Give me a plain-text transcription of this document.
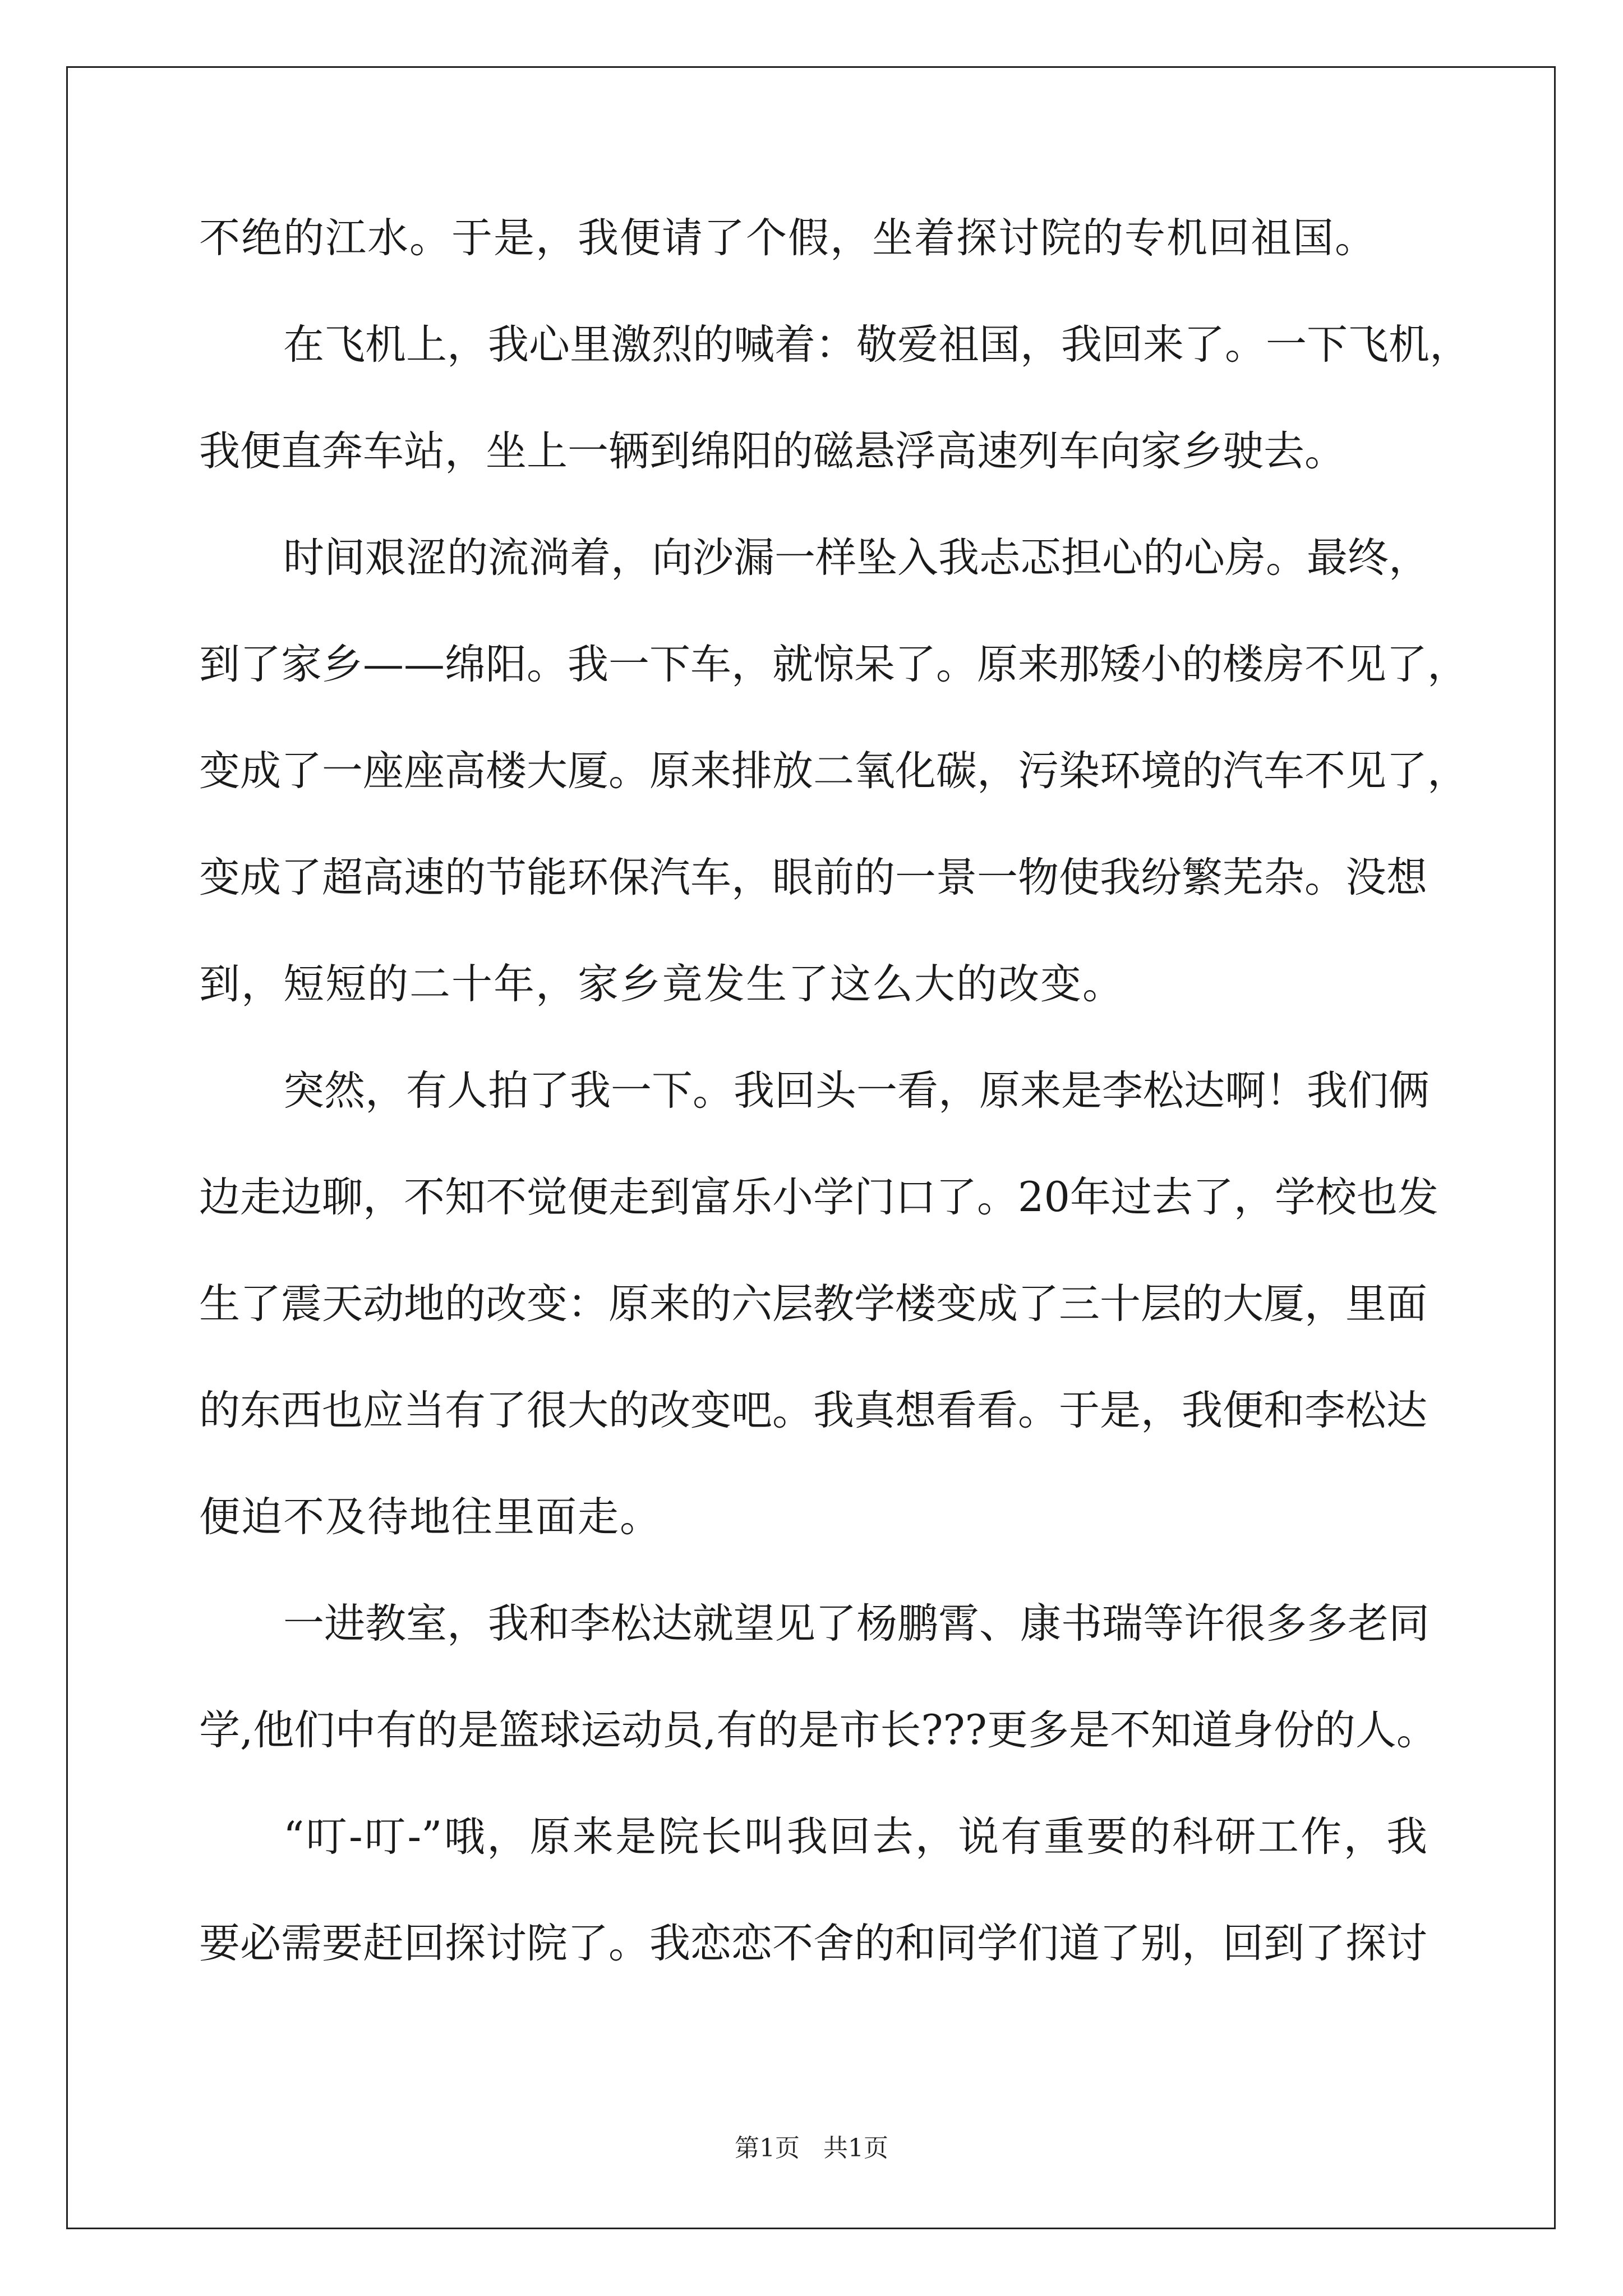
不绝的江水。于是，我便请了个假，坐着探讨院的专机回祖国。
在飞机上，我心里激烈的喊着：敬爱祖国，我回来了。一下飞机，
我便直奔车站，坐上一辆到绵阳的磁悬浮高速列车向家乡驶去。
时间艰涩的流淌着，向沙漏一样坠入我忐忑担心的心房。最终，
到了家乡——绵阳。我一下车，就惊呆了。原来那矮小的楼房不见了，
变成了一座座高楼大厦。原来排放二氧化碳，污染环境的汽车不见了，
变成了超高速的节能环保汽车，眼前的一景一物使我纷繁芜杂。没想
到，短短的二十年，家乡竟发生了这么大的改变。
突然，有人拍了我一下。我回头一看，原来是李松达啊！我们俩
边走边聊，不知不觉便走到富乐小学门口了。20年过去了，学校也发
生了震天动地的改变：原来的六层教学楼变成了三十层的大厦，里面
的东西也应当有了很大的改变吧。我真想看看。于是，我便和李松达
便迫不及待地往里面走。
一进教室，我和李松达就望见了杨鹏霄、康书瑞等许很多多老同
学,他们中有的是篮球运动员,有的是市长???更多是不知道身份的人。
“叮-叮-”哦，原来是院长叫我回去，说有重要的科研工作，我
要必需要赶回探讨院了。我恋恋不舍的和同学们道了别，回到了探讨
第1页   共1页
